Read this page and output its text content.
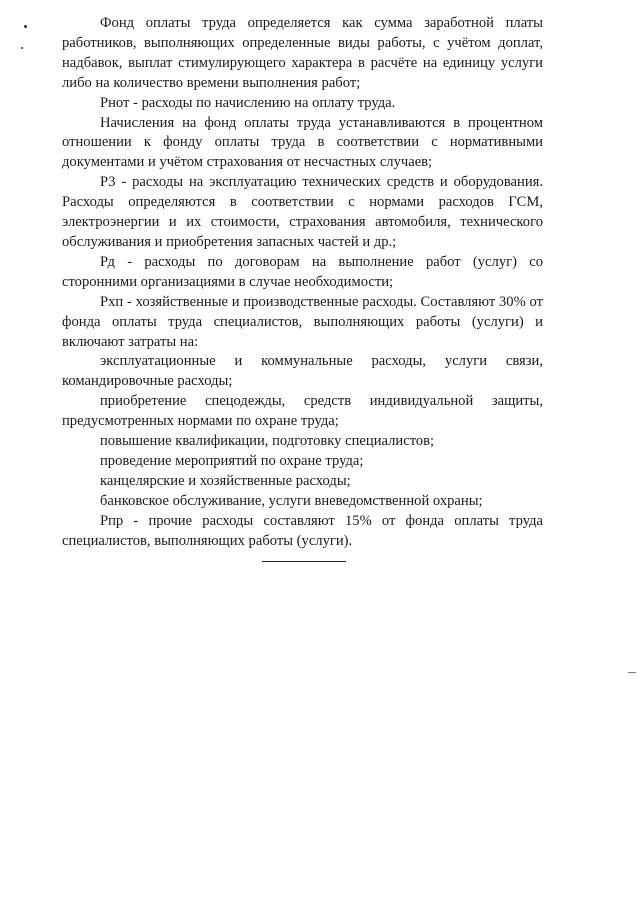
Фонд оплаты труда определяется как сумма заработной платы работников, выполняющих определенные виды работы, с учётом доплат, надбавок, выплат стимулирующего характера в расчёте на единицу услуги либо на количество времени выполнения работ;

Рнот - расходы по начислению на оплату труда.

Начисления на фонд оплаты труда устанавливаются в процентном отношении к фонду оплаты труда в соответствии с нормативными документами и учётом страхования от несчастных случаев;

Р3 - расходы на эксплуатацию технических средств и оборудования. Расходы определяются в соответствии с нормами расходов ГСМ, электроэнергии и их стоимости, страхования автомобиля, технического обслуживания и приобретения запасных частей и др.;

Рд - расходы по договорам на выполнение работ (услуг) со сторонними организациями в случае необходимости;

Рхп - хозяйственные и производственные расходы. Составляют 30% от фонда оплаты труда специалистов, выполняющих работы (услуги) и включают затраты на:

эксплуатационные и коммунальные расходы, услуги связи, командировочные расходы;

приобретение спецодежды, средств индивидуальной защиты, предусмотренных нормами по охране труда;

повышение квалификации, подготовку специалистов;

проведение мероприятий по охране труда;

канцелярские и хозяйственные расходы;

банковское обслуживание, услуги вневедомственной охраны;

Рпр - прочие расходы составляют 15% от фонда оплаты труда специалистов, выполняющих работы (услуги).
